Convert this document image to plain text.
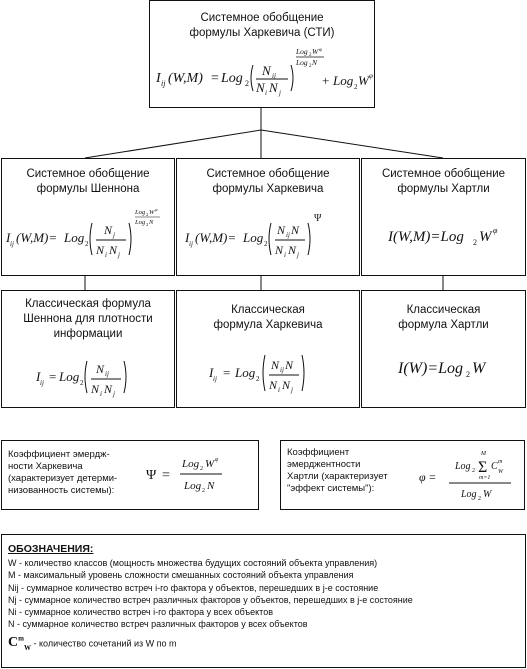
Системное обобщение
формулы Харкевича (СТИ)
I ij (W,M) = Log 2
N ij
N i N j
Log 2 W φ
Log 2 N
+ Log 2 W φ
Системное обобщение
формулы Шеннона
I ij (W,M)= Log 2
N j
N i N j
Log 2 W φ
Log 2 N
Системное обобщение
формулы Харкевича
I ij (W,M)= Log 2
N ij N
N i N j
Ψ
Системное обобщение
формулы Хартли
I(W,M)=Log 2 W φ
Классическая формула
Шеннона для плотности
информации
I ij = Log 2
N ij
N i N j
Классическая
формула Харкевича
I ij = Log 2
N ij N
N i N j
Классическая
формула Хартли
I(W)=Log 2 W
Коэффициент эмердж-
ности Харкевича
(характеризует детерми-
низованность системы):
Ψ =
Log 2 W φ
Log 2 N
Коэффициент
эмерджентности
Хартли (характеризует
"эффект системы"):
φ =
Log 2 Σ
M
m=1
C m
W
Log 2 W
ОБОЗНАЧЕНИЯ:
W - количество классов (мощность множества будущих состояний объекта управления)
M - максимальный уровень сложности смешанных состояний объекта управления
Nij - суммарное количество встреч i-го фактора у объектов, перешедших в j-е состояние
Nj - суммарное количество встреч различных факторов у объектов, перешедших в j-е состояние
Ni - суммарное количество встреч i-го фактора у всех объектов
N - суммарное количество встреч различных факторов у всех объектов
$C^m_W$ - количество сочетаний из W по m
